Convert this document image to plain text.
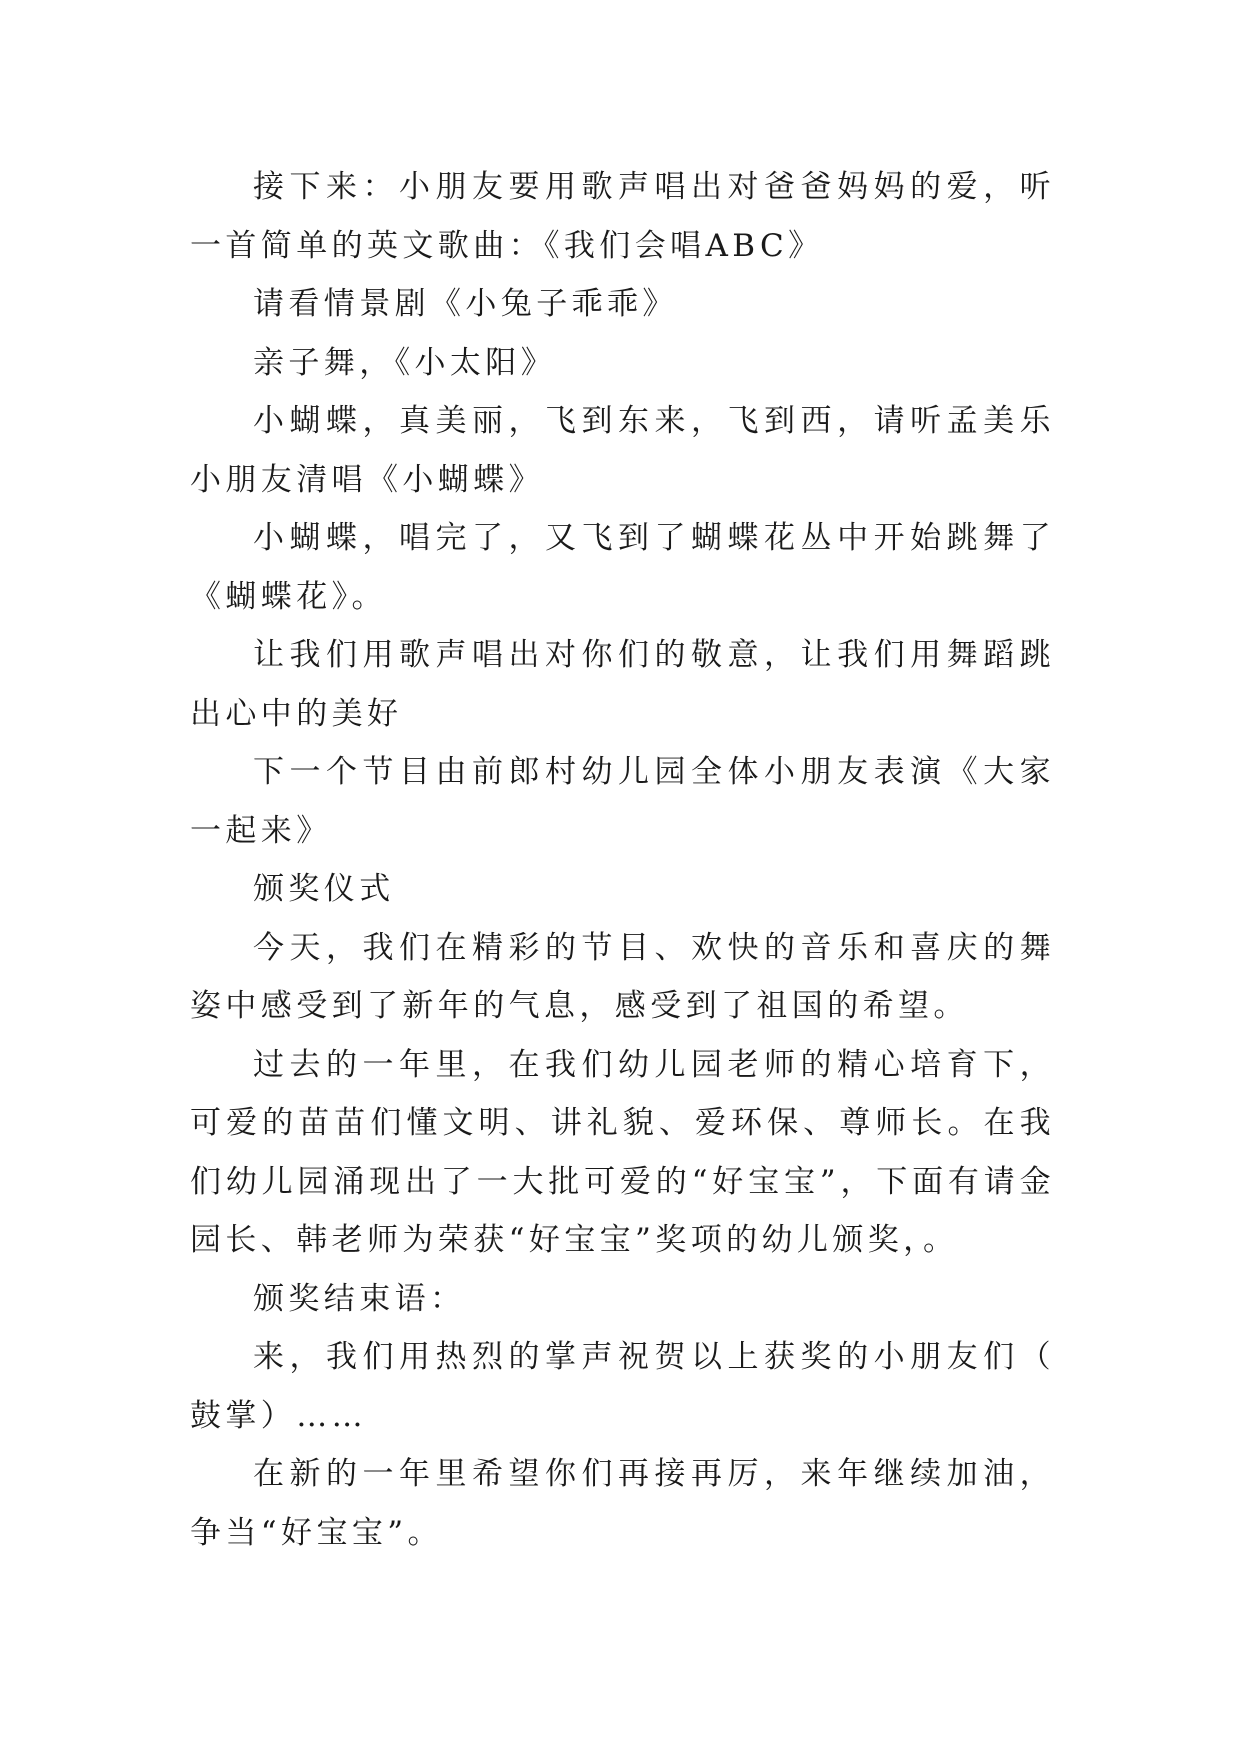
接下来：小朋友要用歌声唱出对爸爸妈妈的爱，听一首简单的英文歌曲：《我们会唱ABC》

请看情景剧《小兔子乖乖》

亲子舞，《小太阳》

小蝴蝶，真美丽，飞到东来，飞到西，请听孟美乐小朋友清唱《小蝴蝶》

小蝴蝶，唱完了，又飞到了蝴蝶花丛中开始跳舞了《蝴蝶花》。

让我们用歌声唱出对你们的敬意，让我们用舞蹈跳出心中的美好

下一个节目由前郎村幼儿园全体小朋友表演《大家一起来》

颁奖仪式

今天，我们在精彩的节目、欢快的音乐和喜庆的舞姿中感受到了新年的气息，感受到了祖国的希望。

过去的一年里，在我们幼儿园老师的精心培育下，可爱的苗苗们懂文明、讲礼貌、爱环保、尊师长。在我们幼儿园涌现出了一大批可爱的“好宝宝”，下面有请金园长、韩老师为荣获“好宝宝”奖项的幼儿颁奖，。

颁奖结束语：

来，我们用热烈的掌声祝贺以上获奖的小朋友们（鼓掌）……

在新的一年里希望你们再接再厉，来年继续加油，争当“好宝宝”。
